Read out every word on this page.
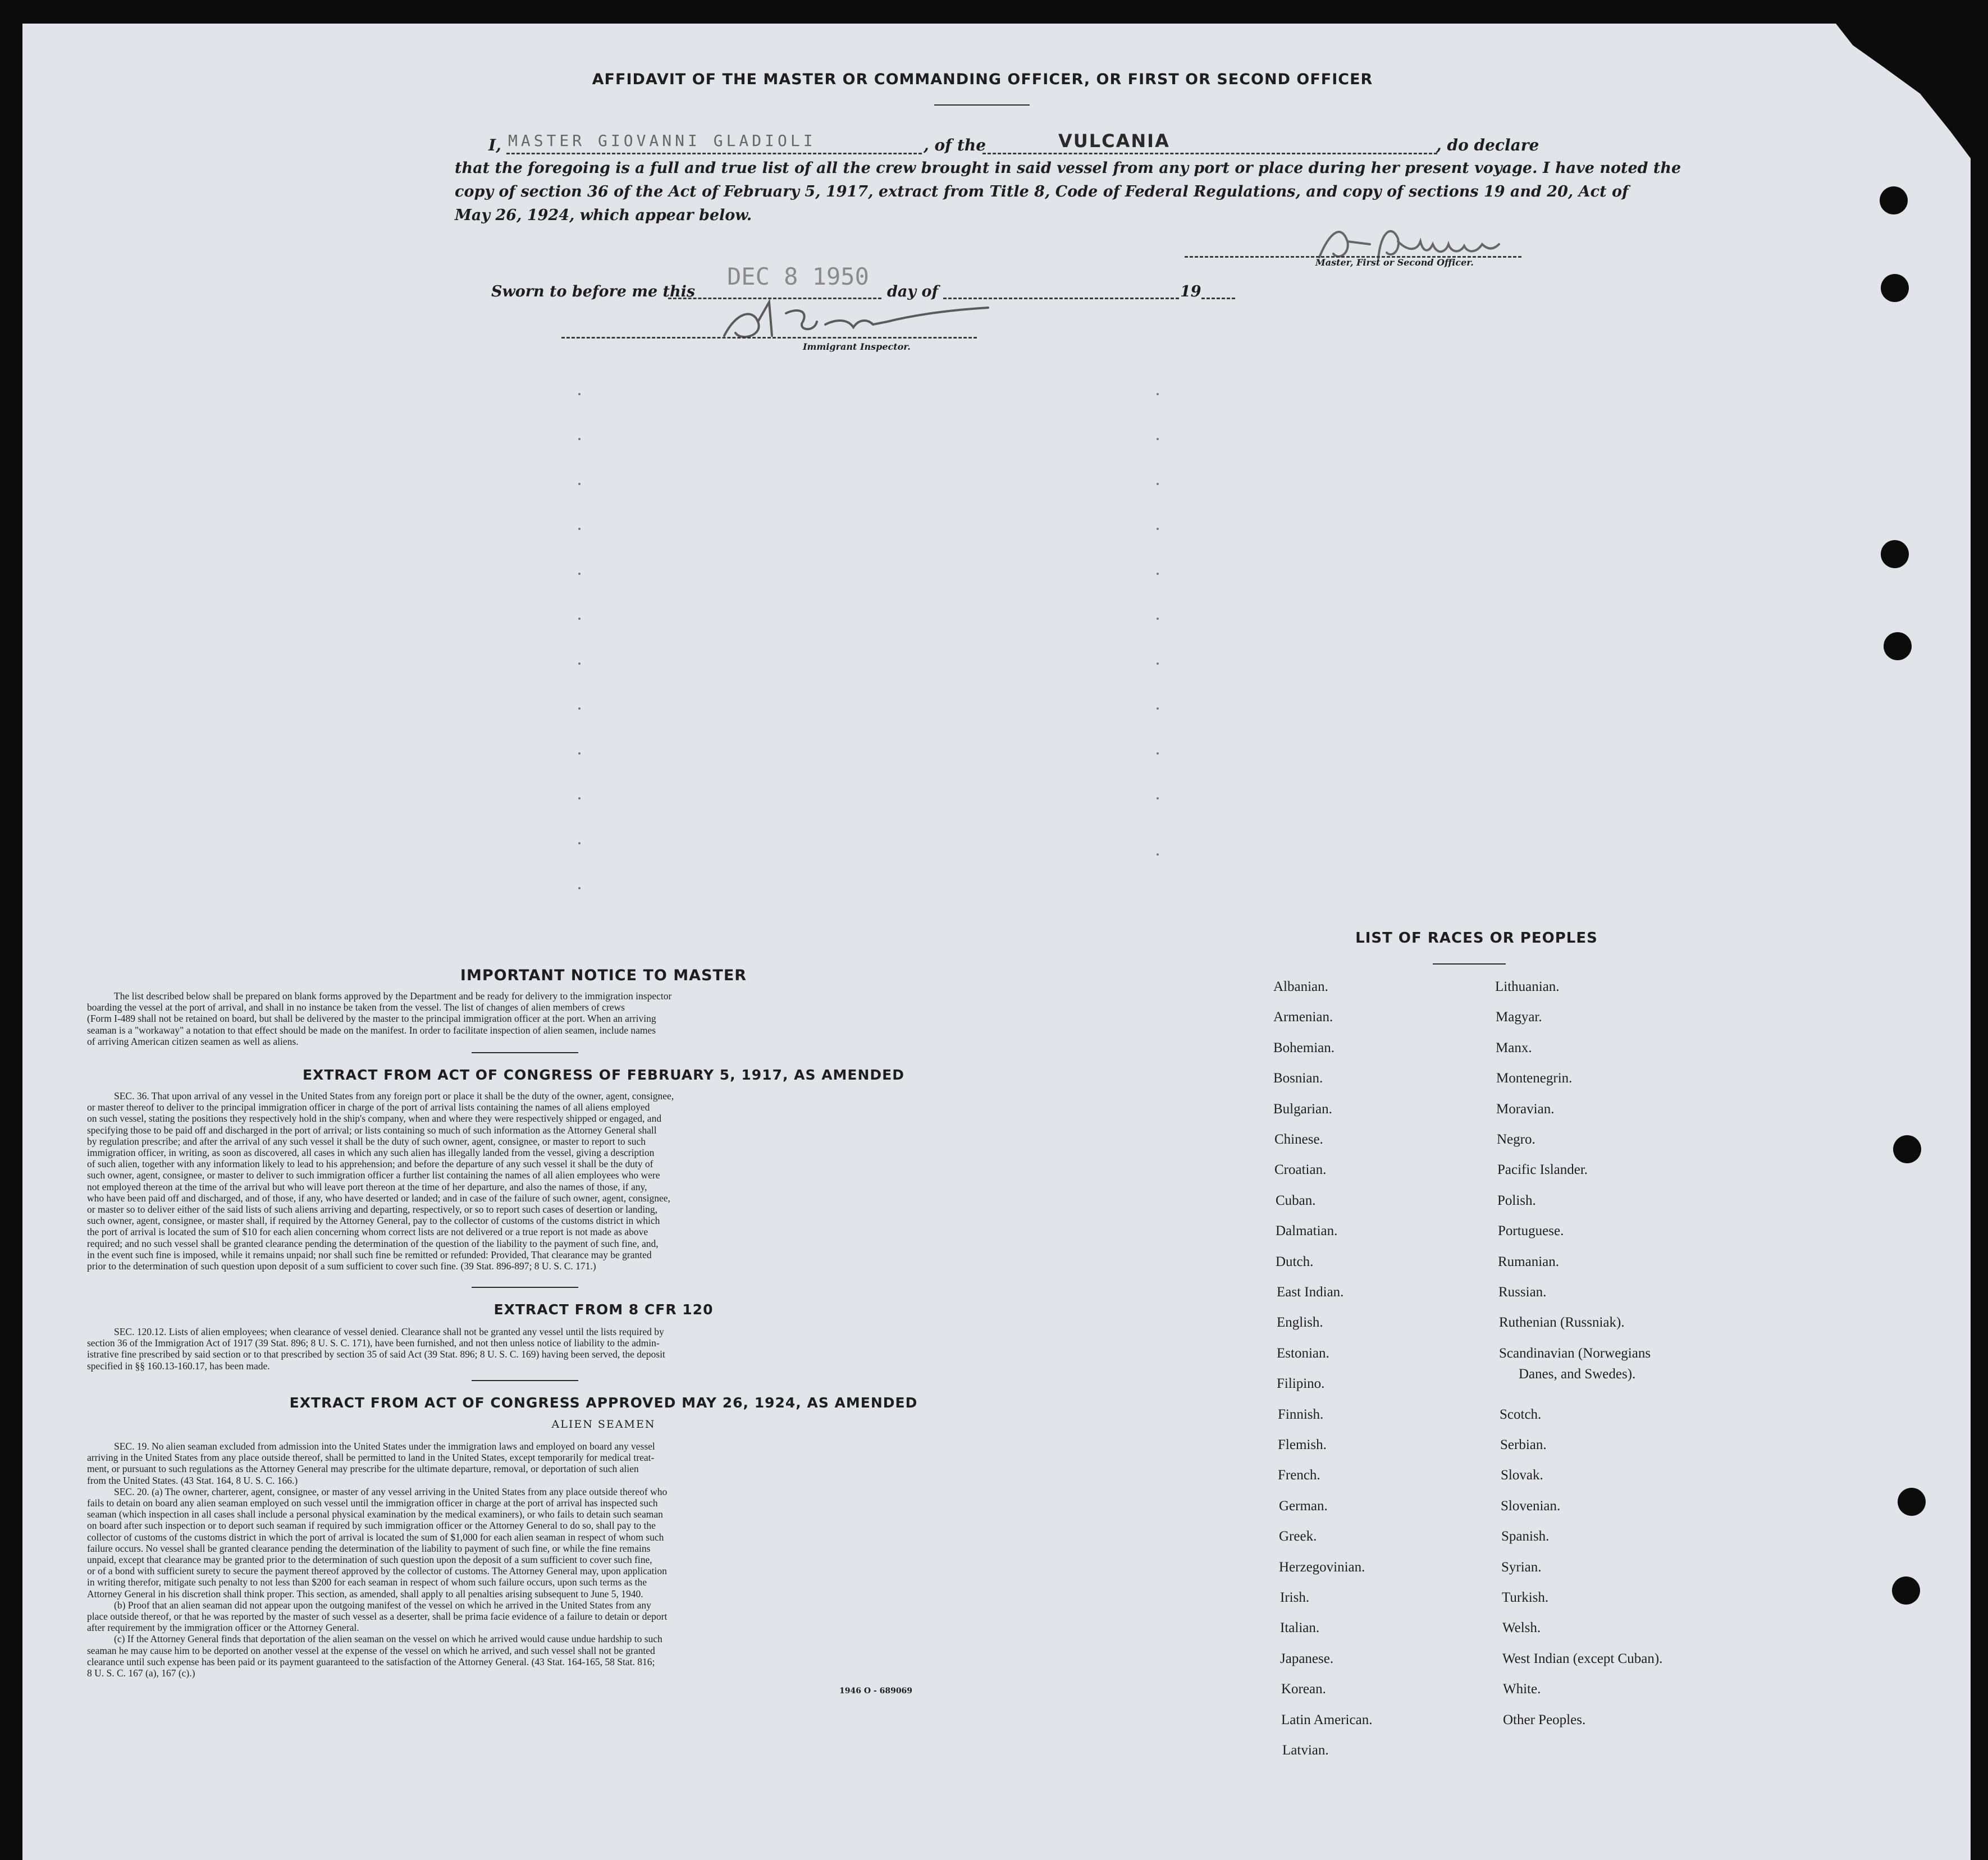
AFFIDAVIT OF THE MASTER OR COMMANDING OFFICER, OR FIRST OR SECOND OFFICER
I, MASTER GIOVANNI GLADIOLI	, of the	VULCANIA	, do declare
that the foregoing is a full and true list of all the crew brought in said vessel from any port or place during her present voyage. I have noted the
copy of section 36 of the Act of February 5, 1917, extract from Title 8, Code of Federal Regulations, and copy of sections 19 and 20, Act of
May 26, 1924, which appear below.
Master, First or Second Officer.
Sworn to before me this
DEC 8 1950
day of	19
Immigrant Inspector.
IMPORTANT NOTICE TO MASTER

The list described below shall be prepared on blank forms approved by the Department and be ready for delivery to the immigration inspector

boarding the vessel at the port of arrival, and shall in no instance be taken from the vessel. The list of changes of alien members of crews
(Form I-489 shall not be retained on board, but shall be delivered by the master to the principal immigration officer at the port. When an arriving
seaman is a "workaway" a notation to that effect should be made on the manifest. In order to facilitate inspection of alien seamen, include names
of arriving American citizen seamen as well as aliens.
EXTRACT FROM ACT OF CONGRESS OF FEBRUARY 5, 1917, AS AMENDED

SEC. 36. That upon arrival of any vessel in the United States from any foreign port or place it shall be the duty of the owner, agent, consignee,

or master thereof to deliver to the principal immigration officer in charge of the port of arrival lists containing the names of all aliens employed
on such vessel, stating the positions they respectively hold in the ship's company, when and where they were respectively shipped or engaged, and
specifying those to be paid off and discharged in the port of arrival; or lists containing so much of such information as the Attorney General shall
by regulation prescribe; and after the arrival of any such vessel it shall be the duty of such owner, agent, consignee, or master to report to such
immigration officer, in writing, as soon as discovered, all cases in which any such alien has illegally landed from the vessel, giving a description
of such alien, together with any information likely to lead to his apprehension; and before the departure of any such vessel it shall be the duty of
such owner, agent, consignee, or master to deliver to such immigration officer a further list containing the names of all alien employees who were
not employed thereon at the time of the arrival but who will leave port thereon at the time of her departure, and also the names of those, if any,
who have been paid off and discharged, and of those, if any, who have deserted or landed; and in case of the failure of such owner, agent, consignee,
or master so to deliver either of the said lists of such aliens arriving and departing, respectively, or so to report such cases of desertion or landing,
such owner, agent, consignee, or master shall, if required by the Attorney General, pay to the collector of customs of the customs district in which
the port of arrival is located the sum of $10 for each alien concerning whom correct lists are not delivered or a true report is not made as above
required; and no such vessel shall be granted clearance pending the determination of the question of the liability to the payment of such fine, and,
in the event such fine is imposed, while it remains unpaid; nor shall such fine be remitted or refunded: Provided, That clearance may be granted
prior to the determination of such question upon deposit of a sum sufficient to cover such fine. (39 Stat. 896-897; 8 U. S. C. 171.)
EXTRACT FROM 8 CFR 120

SEC. 120.12. Lists of alien employees; when clearance of vessel denied. Clearance shall not be granted any vessel until the lists required by

section 36 of the Immigration Act of 1917 (39 Stat. 896; 8 U. S. C. 171), have been furnished, and not then unless notice of liability to the admin-
istrative fine prescribed by said section or to that prescribed by section 35 of said Act (39 Stat. 896; 8 U. S. C. 169) having been served, the deposit
specified in §§ 160.13-160.17, has been made.
EXTRACT FROM ACT OF CONGRESS APPROVED MAY 26, 1924, AS AMENDED
ALIEN SEAMEN

SEC. 19. No alien seaman excluded from admission into the United States under the immigration laws and employed on board any vessel

arriving in the United States from any place outside thereof, shall be permitted to land in the United States, except temporarily for medical treat-
ment, or pursuant to such regulations as the Attorney General may prescribe for the ultimate departure, removal, or deportation of such alien
from the United States. (43 Stat. 164, 8 U. S. C. 166.)

SEC. 20. (a) The owner, charterer, agent, consignee, or master of any vessel arriving in the United States from any place outside thereof who

fails to detain on board any alien seaman employed on such vessel until the immigration officer in charge at the port of arrival has inspected such
seaman (which inspection in all cases shall include a personal physical examination by the medical examiners), or who fails to detain such seaman
on board after such inspection or to deport such seaman if required by such immigration officer or the Attorney General to do so, shall pay to the
collector of customs of the customs district in which the port of arrival is located the sum of $1,000 for each alien seaman in respect of whom such
failure occurs. No vessel shall be granted clearance pending the determination of the liability to payment of such fine, or while the fine remains
unpaid, except that clearance may be granted prior to the determination of such question upon the deposit of a sum sufficient to cover such fine,
or of a bond with sufficient surety to secure the payment thereof approved by the collector of customs. The Attorney General may, upon application
in writing therefor, mitigate such penalty to not less than $200 for each seaman in respect of whom such failure occurs, upon such terms as the
Attorney General in his discretion shall think proper. This section, as amended, shall apply to all penalties arising subsequent to June 5, 1940.

(b) Proof that an alien seaman did not appear upon the outgoing manifest of the vessel on which he arrived in the United States from any

place outside thereof, or that he was reported by the master of such vessel as a deserter, shall be prima facie evidence of a failure to detain or deport
after requirement by the immigration officer or the Attorney General.

(c) If the Attorney General finds that deportation of the alien seaman on the vessel on which he arrived would cause undue hardship to such

seaman he may cause him to be deported on another vessel at the expense of the vessel on which he arrived, and such vessel shall not be granted
clearance until such expense has been paid or its payment guaranteed to the satisfaction of the Attorney General. (43 Stat. 164-165, 58 Stat. 816;
8 U. S. C. 167 (a), 167 (c).)
1946 O - 689069
LIST OF RACES OR PEOPLES
Albanian.
Armenian.
Bohemian.
Bosnian.
Bulgarian.
Chinese.
Croatian.
Cuban.
Dalmatian.
Dutch.
East Indian.
English.
Estonian.
Filipino.
Finnish.
Flemish.
French.
German.
Greek.
Herzegovinian.
Irish.
Italian.
Japanese.
Korean.
Latin American.
Latvian.
Lithuanian.
Magyar.
Manx.
Montenegrin.
Moravian.
Negro.
Pacific Islander.
Polish.
Portuguese.
Rumanian.
Russian.
Ruthenian (Russniak).
Scandinavian (Norwegians
Scotch.
Serbian.
Slovak.
Slovenian.
Spanish.
Syrian.
Turkish.
Welsh.
West Indian (except Cuban).
White.
Other Peoples.
Danes, and Swedes).
